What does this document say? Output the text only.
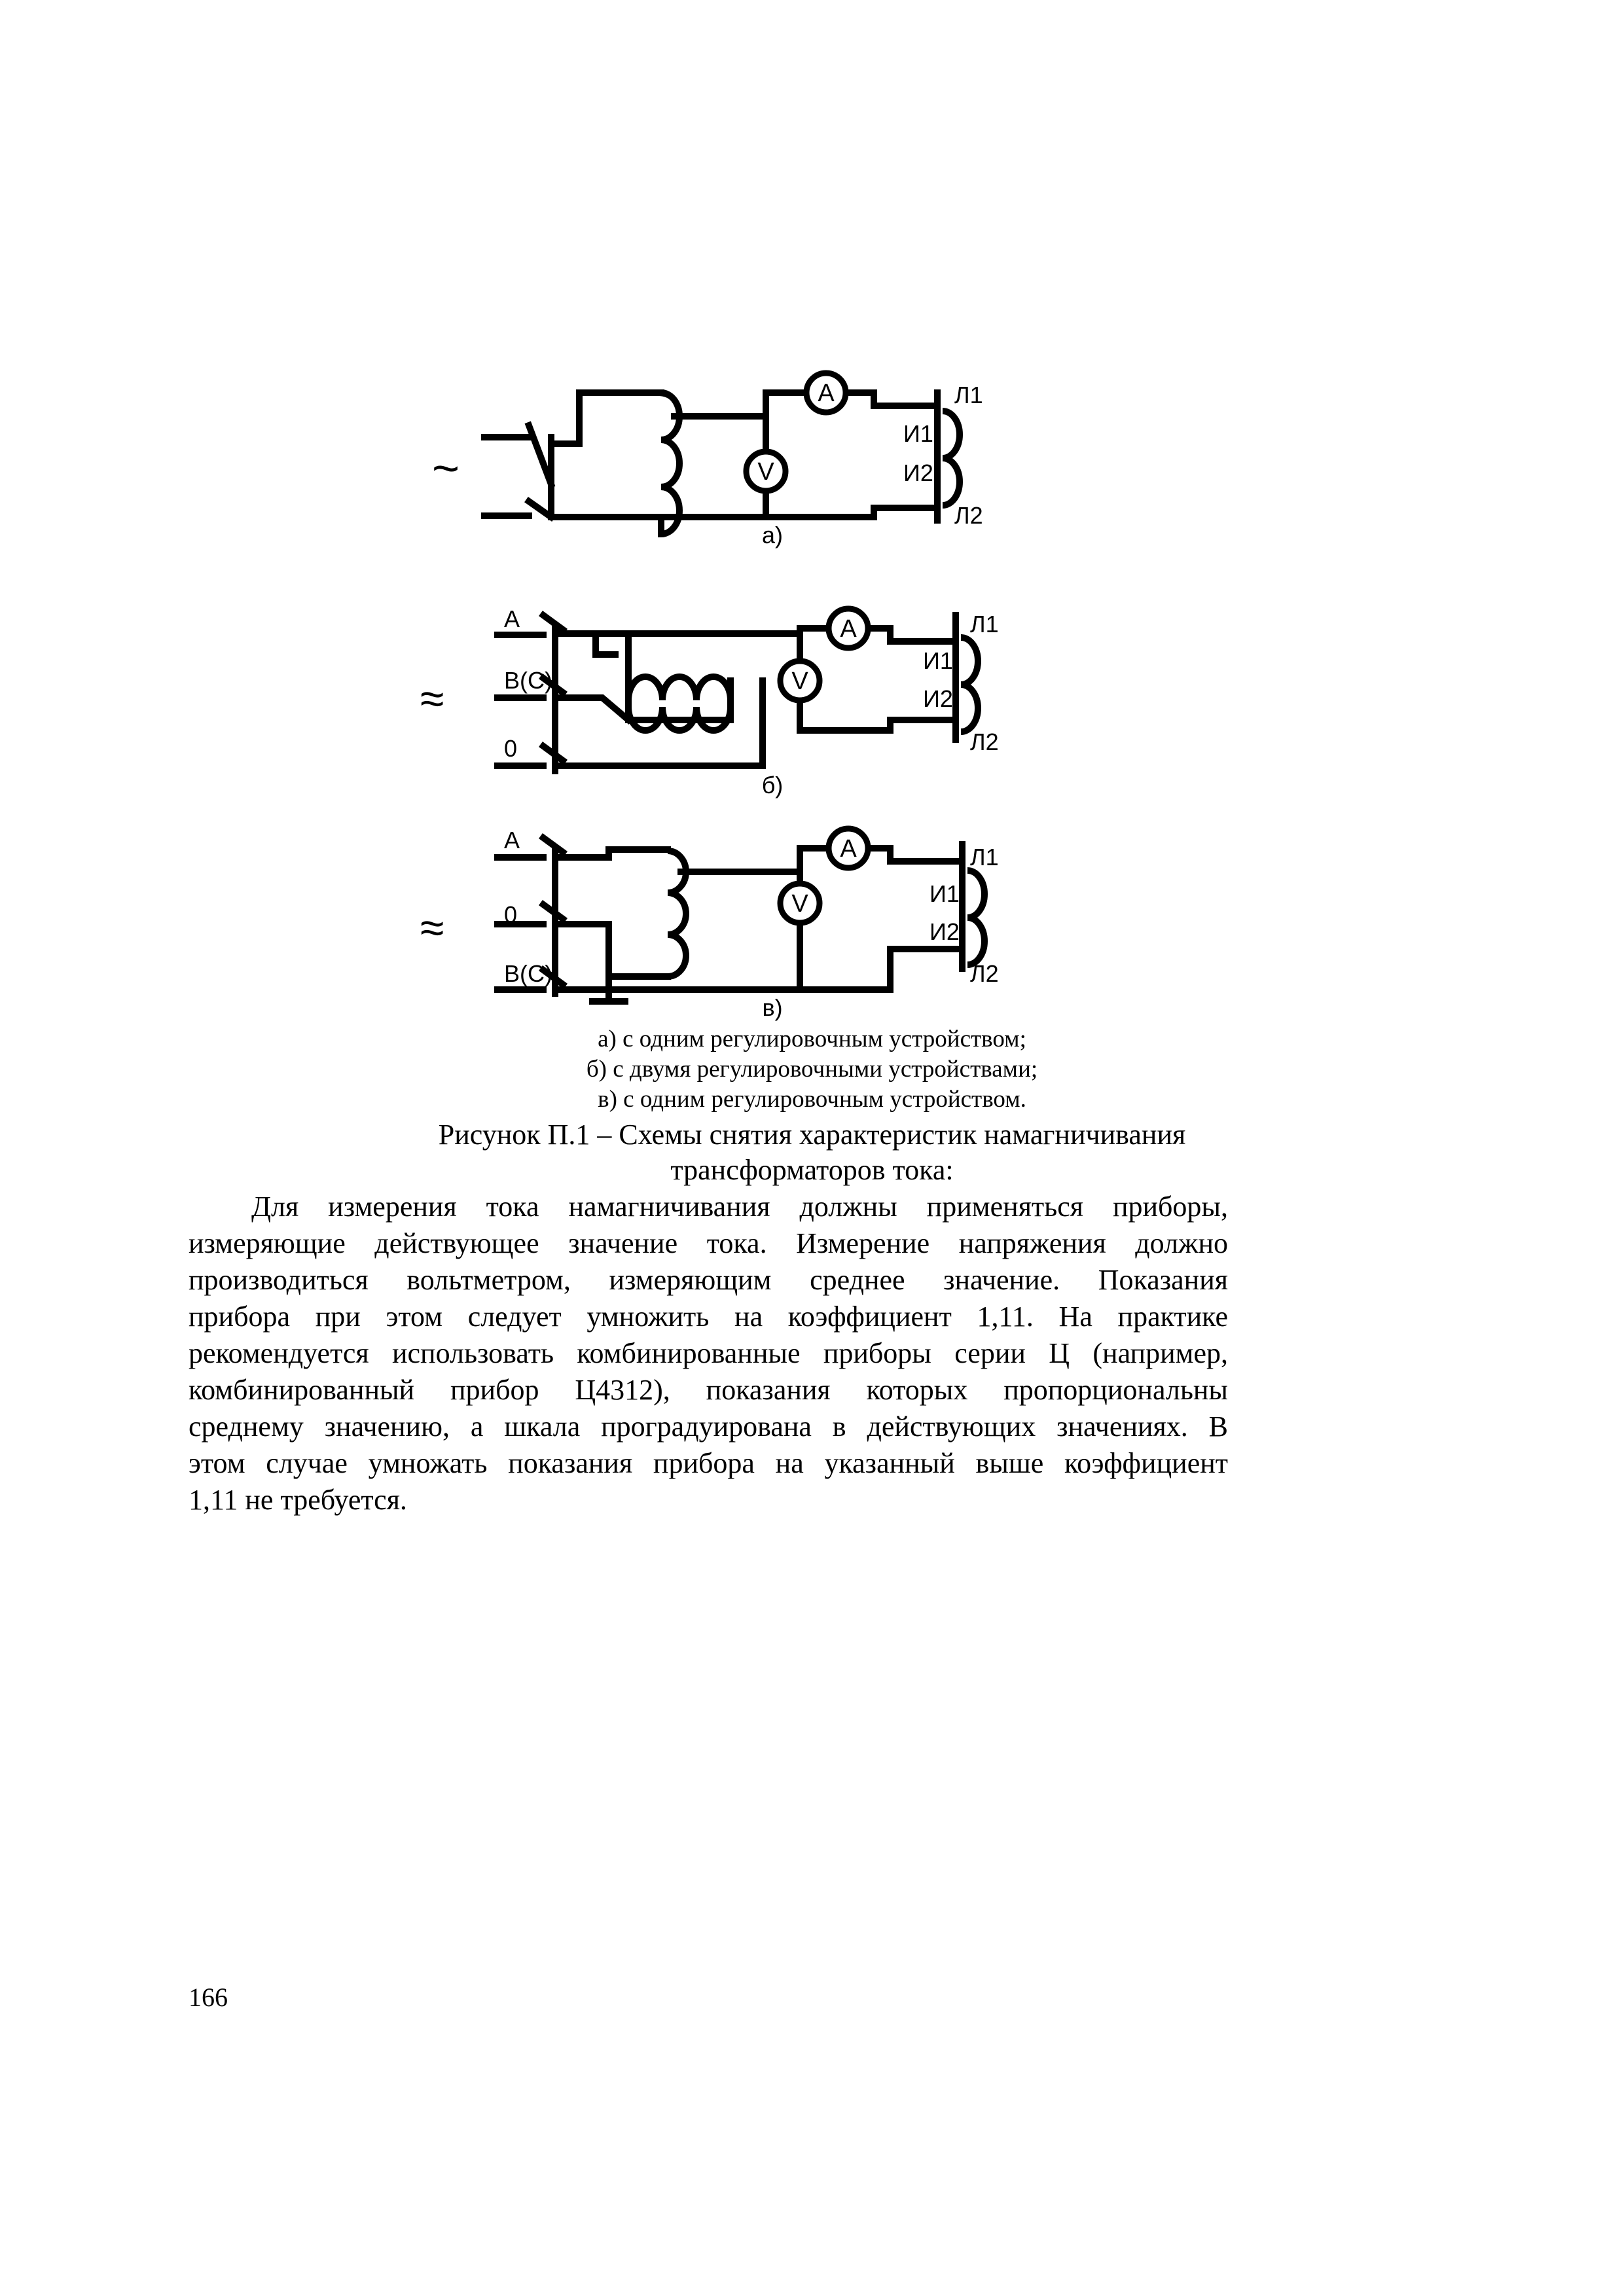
~
A
V
Л1
И1
И2
Л2
а)
≈
A
B(C)
0
A
V
Л1
И1
И2
Л2
б)
≈
A
0
B(C)
A
V
Л1
И1
И2
Л2
в)

а) с одним регулировочным устройством;

б) с двумя регулировочными устройствами;

в) с одним регулировочным устройством.

Рисунок П.1 – Схемы снятия характеристик намагничивания

трансформаторов тока:

Для измерения тока намагничивания должны применяться приборы,
измеряющие действующее значение тока. Измерение напряжения должно
производиться вольтметром, измеряющим среднее значение. Показания
прибора при этом следует умножить на коэффициент 1,11. На практике
рекомендуется использовать комбинированные приборы серии Ц (например,
комбинированный прибор Ц4312), показания которых пропорциональны
среднему значению, а шкала проградуирована в действующих значениях. В
этом случае умножать показания прибора на указанный выше коэффициент
1,11 не требуется.

166
